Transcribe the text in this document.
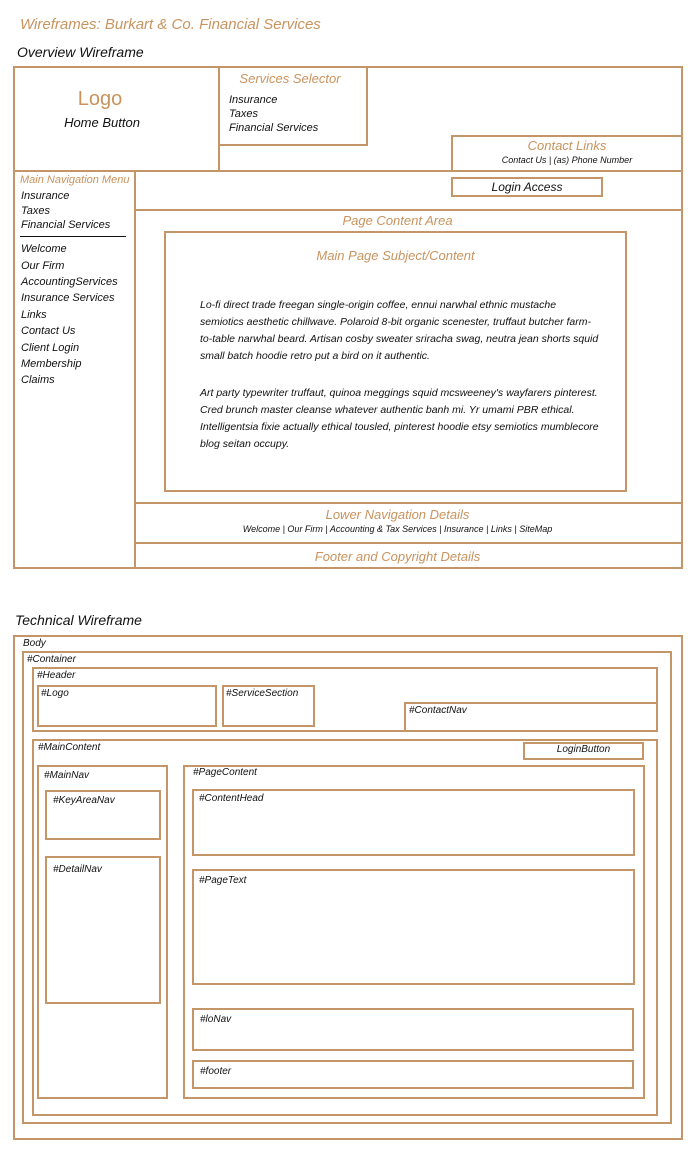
Wireframes: Burkart & Co. Financial Services
Overview Wireframe
Logo
Home Button
Services Selector
Insurance
Taxes
Financial Services
Contact Links
Contact Us | (as) Phone Number
Main Navigation Menu
Insurance
Taxes
Financial Services
Welcome
Our Firm
AccountingServices
Insurance Services
Links
Contact Us
Client Login
Membership
Claims
Login Access
Page Content Area
Main Page Subject/Content
Lo-fi direct trade freegan single-origin coffee, ennui narwhal ethnic mustache semiotics aesthetic chillwave. Polaroid 8-bit organic scenester, truffaut butcher farm-to-table narwhal beard. Artisan cosby sweater sriracha swag, neutra jean shorts squid small batch hoodie retro put a bird on it authentic.
Art party typewriter truffaut, quinoa meggings squid mcsweeney's wayfarers pinterest. Cred brunch master cleanse whatever authentic banh mi. Yr umami PBR ethical. Intelligentsia fixie actually ethical tousled, pinterest hoodie etsy semiotics mumblecore blog seitan occupy.
Lower Navigation Details
Welcome | Our Firm | Accounting & Tax Services | Insurance | Links | SiteMap
Footer and Copyright Details
Technical Wireframe
Body
#Container
#Header
#Logo	#ServiceSection
#ContactNav
#MainContent	LoginButton
#MainNav
#KeyAreaNav
#DetailNav
#PageContent
#ContentHead
#PageText
#loNav
#footer
